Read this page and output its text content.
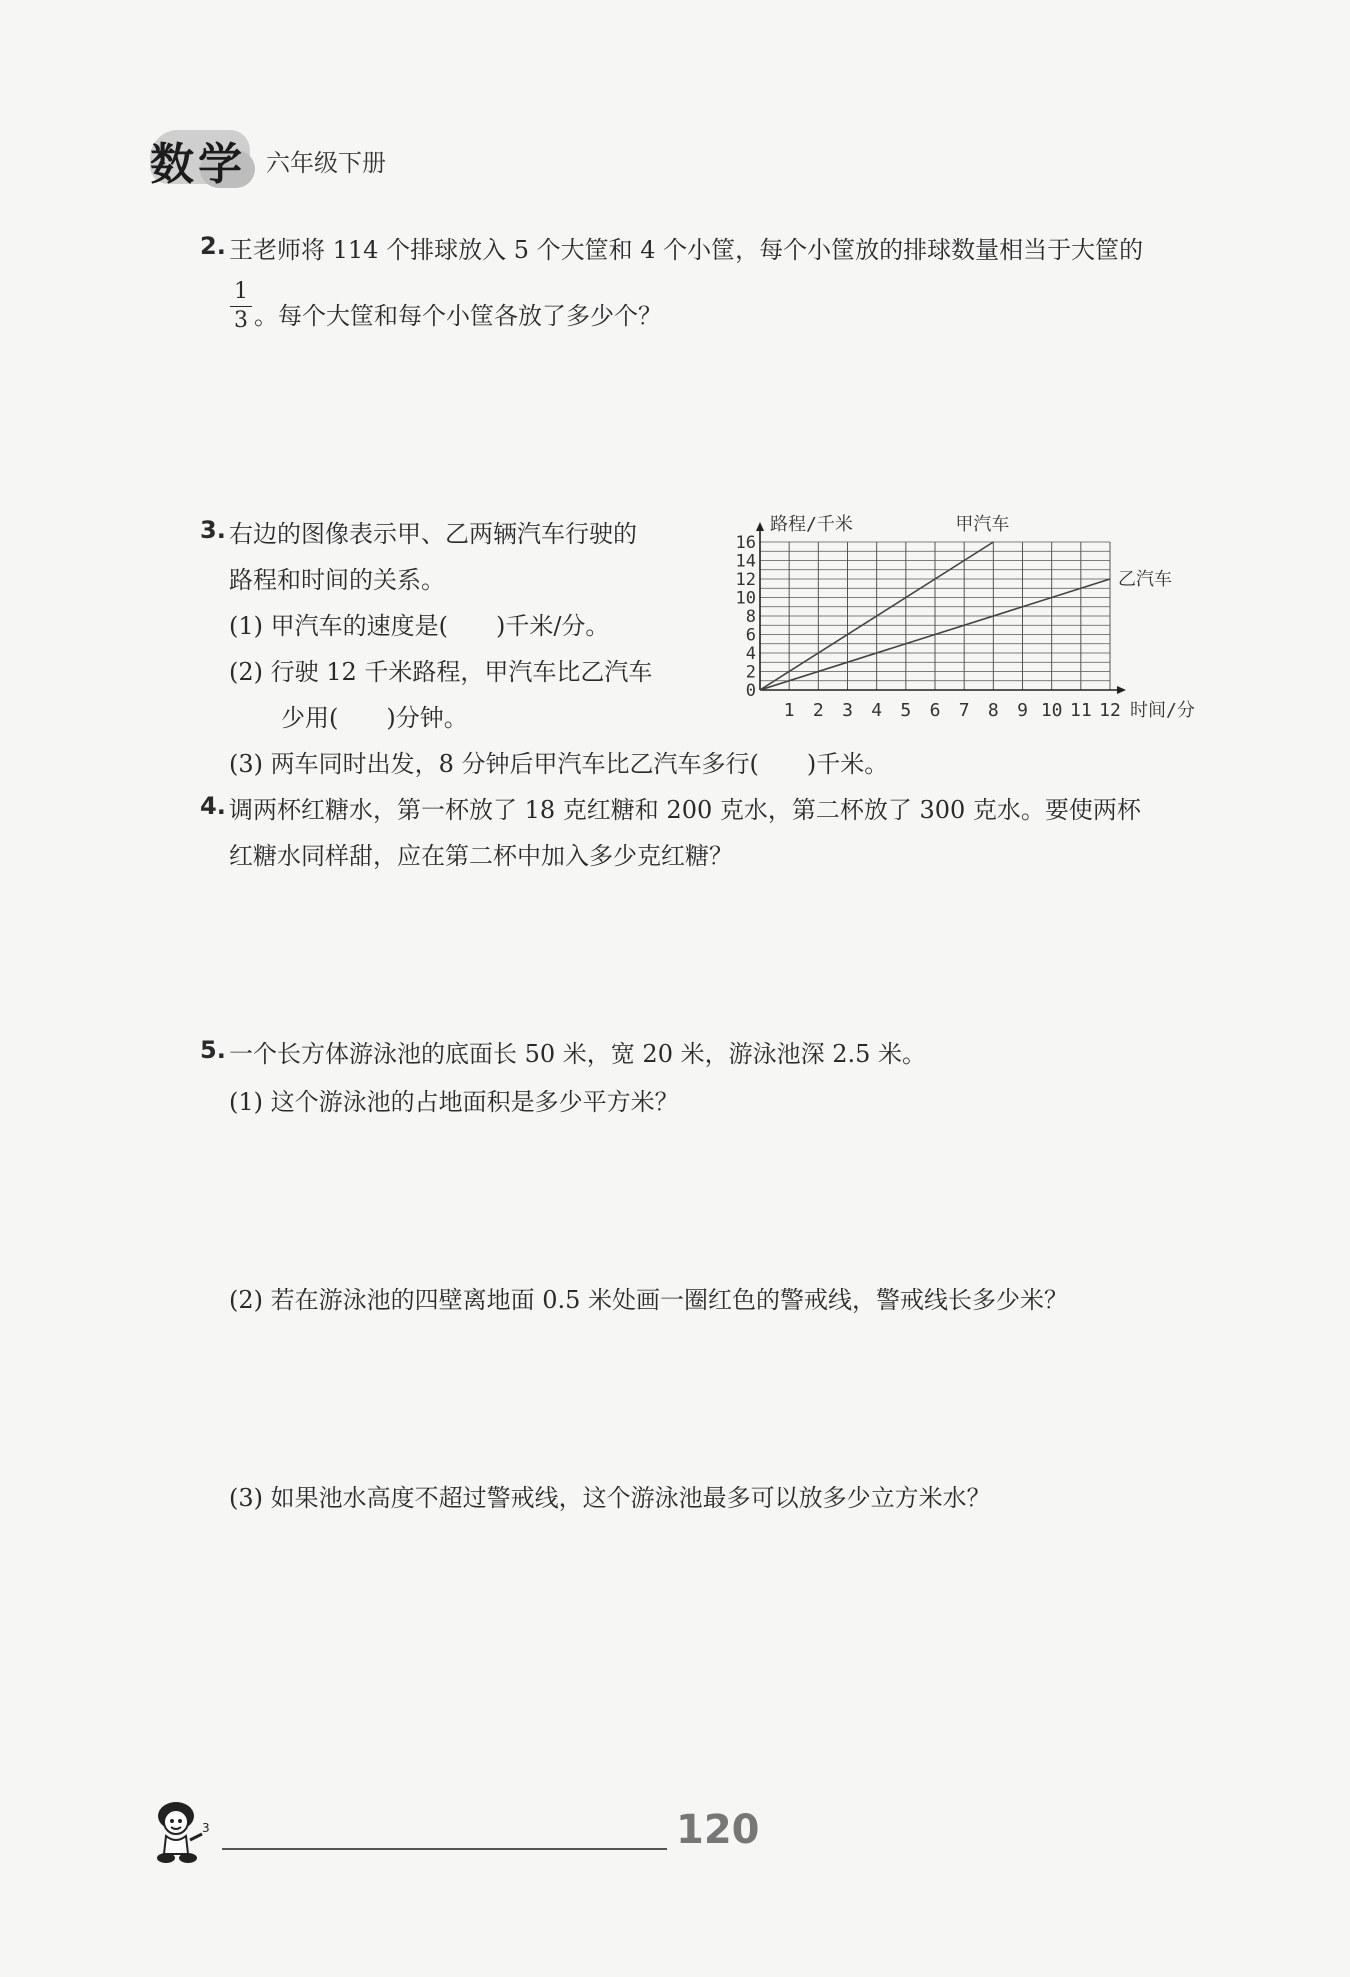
数学 六年级下册
2. 王老师将 114 个排球放入 5 个大筐和 4 个小筐，每个小筐放的排球数量相当于大筐的
1
3 。每个大筐和每个小筐各放了多少个？
3. 右边的图像表示甲、乙两辆汽车行驶的
路程和时间的关系。
(1) 甲汽车的速度是(　　)千米/分。
(2) 行驶 12 千米路程，甲汽车比乙汽车
少用(　　)分钟。
(3) 两车同时出发，8 分钟后甲汽车比乙汽车多行(　　)千米。
1 2 3 4 5 6 7 8 9 10 11 12
0
2
4
6
8
10
12
14
16
路程/千米
时间/分
甲汽车
乙汽车
4. 调两杯红糖水，第一杯放了 18 克红糖和 200 克水，第二杯放了 300 克水。要使两杯
红糖水同样甜，应在第二杯中加入多少克红糖？
5. 一个长方体游泳池的底面长 50 米，宽 20 米，游泳池深 2.5 米。
(1) 这个游泳池的占地面积是多少平方米？
(2) 若在游泳池的四壁离地面 0.5 米处画一圈红色的警戒线，警戒线长多少米？
(3) 如果池水高度不超过警戒线，这个游泳池最多可以放多少立方米水？
3	120
